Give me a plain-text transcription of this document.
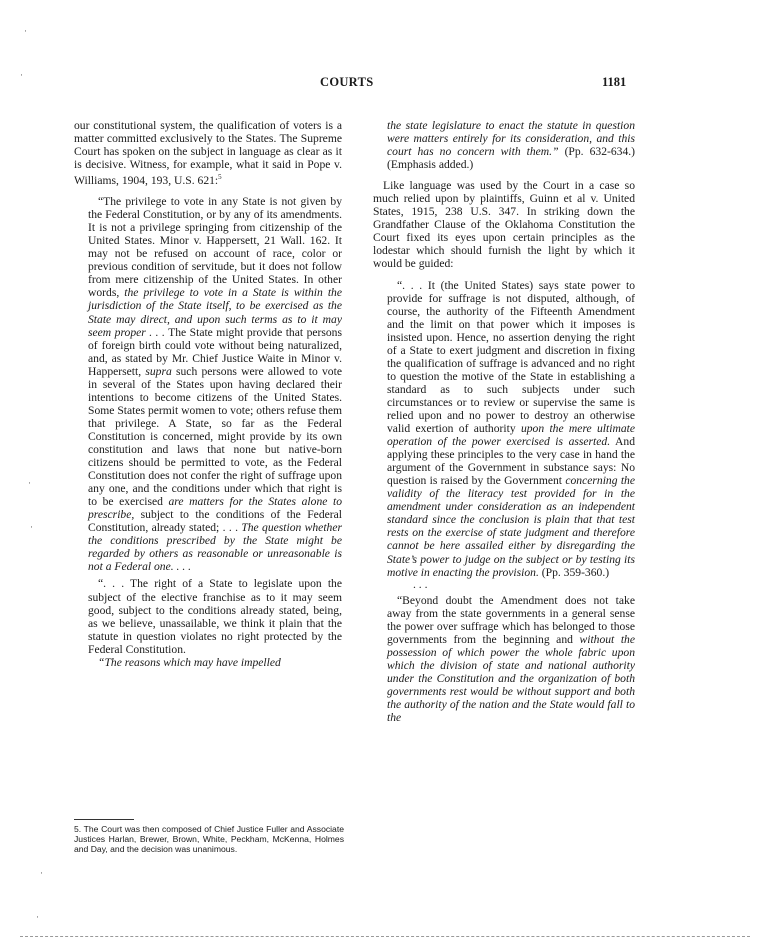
COURTS	1181

our constitutional system, the qualification of voters is a matter committed exclusively to the States. The Supreme Court has spoken on the subject in language as clear as it is decisive. Witness, for example, what it said in Pope v. Williams, 1904, 193, U.S. 621:$^5$

“The privilege to vote in any State is not given by the Federal Constitution, or by any of its amendments. It is not a privilege springing from citizenship of the United States. Minor v. Happersett, 21 Wall. 162. It may not be refused on account of race, color or previous condition of servitude, but it does not follow from mere citizenship of the United States. In other words, the privilege to vote in a State is within the jurisdiction of the State itself, to be exercised as the State may direct, and upon such terms as to it may seem proper . . . The State might provide that persons of foreign birth could vote without being naturalized, and, as stated by Mr. Chief Justice Waite in Minor v. Happersett, supra such persons were allowed to vote in several of the States upon having declared their intentions to become citizens of the United States. Some States permit women to vote; others refuse them that privilege. A State, so far as the Federal Constitution is concerned, might provide by its own constitution and laws that none but native-born citizens should be permitted to vote, as the Federal Constitution does not confer the right of suffrage upon any one, and the conditions under which that right is to be exercised are matters for the States alone to prescribe, subject to the conditions of the Federal Constitution, already stated; . . . The question whether the conditions prescribed by the State might be regarded by others as reasonable or unreasonable is not a Federal one. . . .

“. . . The right of a State to legislate upon the subject of the elective franchise as to it may seem good, subject to the conditions already stated, being, as we believe, unassailable, we think it plain that the statute in question violates no right protected by the Federal Constitution.

“The reasons which may have impelled

the state legislature to enact the statute in question were matters entirely for its consideration, and this court has no concern with them.” (Pp. 632-634.) (Emphasis added.)

Like language was used by the Court in a case so much relied upon by plaintiffs, Guinn et al v. United States, 1915, 238 U.S. 347. In striking down the Grandfather Clause of the Oklahoma Constitution the Court fixed its eyes upon certain principles as the lodestar which should furnish the light by which it would be guided:

“. . . It (the United States) says state power to provide for suffrage is not disputed, although, of course, the authority of the Fifteenth Amendment and the limit on that power which it imposes is insisted upon. Hence, no assertion denying the right of a State to exert judgment and discretion in fixing the qualification of suffrage is advanced and no right to question the motive of the State in establishing a standard as to such subjects under such circumstances or to review or supervise the same is relied upon and no power to destroy an otherwise valid exertion of authority upon the mere ultimate operation of the power exercised is asserted. And applying these principles to the very case in hand the argument of the Government in substance says: No question is raised by the Government concerning the validity of the literacy test provided for in the amendment under consideration as an independent standard since the conclusion is plain that that test rests on the exercise of state judgment and therefore cannot be here assailed either by disregarding the State’s power to judge on the subject or by testing its motive in enacting the provision. (Pp. 359-360.)

. . .

“Beyond doubt the Amendment does not take away from the state governments in a general sense the power over suffrage which has belonged to those governments from the beginning and without the possession of which power the whole fabric upon which the division of state and national authority under the Constitution and the organization of both governments rest would be without support and both the authority of the nation and the State would fall to the

5. The Court was then composed of Chief Justice Fuller and Associate Justices Harlan, Brewer, Brown, White, Peckham, McKenna, Holmes and Day, and the decision was unanimous.
·
·
·
·
·
·
